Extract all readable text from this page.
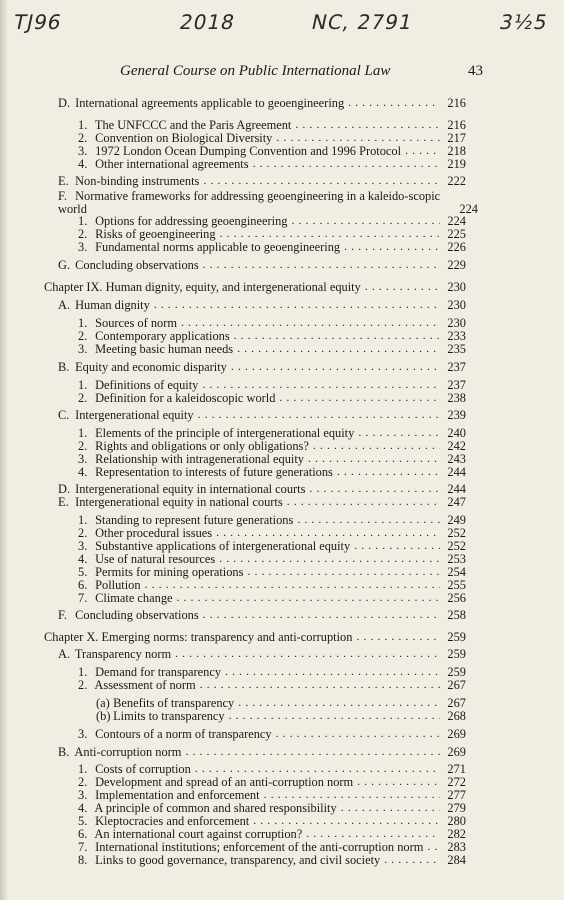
TJ96	2018	NC, 2791	3½5
General Course on Public International Law	43
D. International agreements applicable to geoengineering . . .	216
1. The UNFCCC and the Paris Agreement . . .	216
2. Convention on Biological Diversity . . .	217
3. 1972 London Ocean Dumping Convention and 1996 Protocol . . .	218
4. Other international agreements . . .	219
E. Non-binding instruments . . .	222
F. Normative frameworks for addressing geoengineering in a kaleido-scopic world	224
1. Options for addressing geoengineering . . .	224
2. Risks of geoengineering . . .	225
3. Fundamental norms applicable to geoengineering . . .	226
G. Concluding observations . . .	229
Chapter IX. Human dignity, equity, and intergenerational equity . . .	230
A. Human dignity . . .	230
1. Sources of norm . . .	230
2. Contemporary applications . . .	233
3. Meeting basic human needs . . .	235
B. Equity and economic disparity . . .	237
1. Definitions of equity . . .	237
2. Definition for a kaleidoscopic world . . .	238
C. Intergenerational equity . . .	239
1. Elements of the principle of intergenerational equity . . .	240
2. Rights and obligations or only obligations? . . .	242
3. Relationship with intragenerational equity . . .	243
4. Representation to interests of future generations . . .	244
D. Intergenerational equity in international courts . . .	244
E. Intergenerational equity in national courts . . .	247
1. Standing to represent future generations . . .	249
2. Other procedural issues . . .	252
3. Substantive applications of intergenerational equity . . .	252
4. Use of natural resources . . .	253
5. Permits for mining operations . . .	254
6. Pollution . . .	255
7. Climate change . . .	256
F. Concluding observations . . .	258
Chapter X. Emerging norms: transparency and anti-corruption . . .	259
A. Transparency norm . . .	259
1. Demand for transparency . . .	259
2. Assessment of norm . . .	267
(a) Benefits of transparency . . .	267
(b) Limits to transparency . . .	268
3. Contours of a norm of transparency . . .	269
B. Anti-corruption norm . . .	269
1. Costs of corruption . . .	271
2. Development and spread of an anti-corruption norm . . .	272
3. Implementation and enforcement . . .	277
4. A principle of common and shared responsibility . . .	279
5. Kleptocracies and enforcement . . .	280
6. An international court against corruption? . . .	282
7. International institutions; enforcement of the anti-corruption norm . . . 283
8. Links to good governance, transparency, and civil society . . .	284
